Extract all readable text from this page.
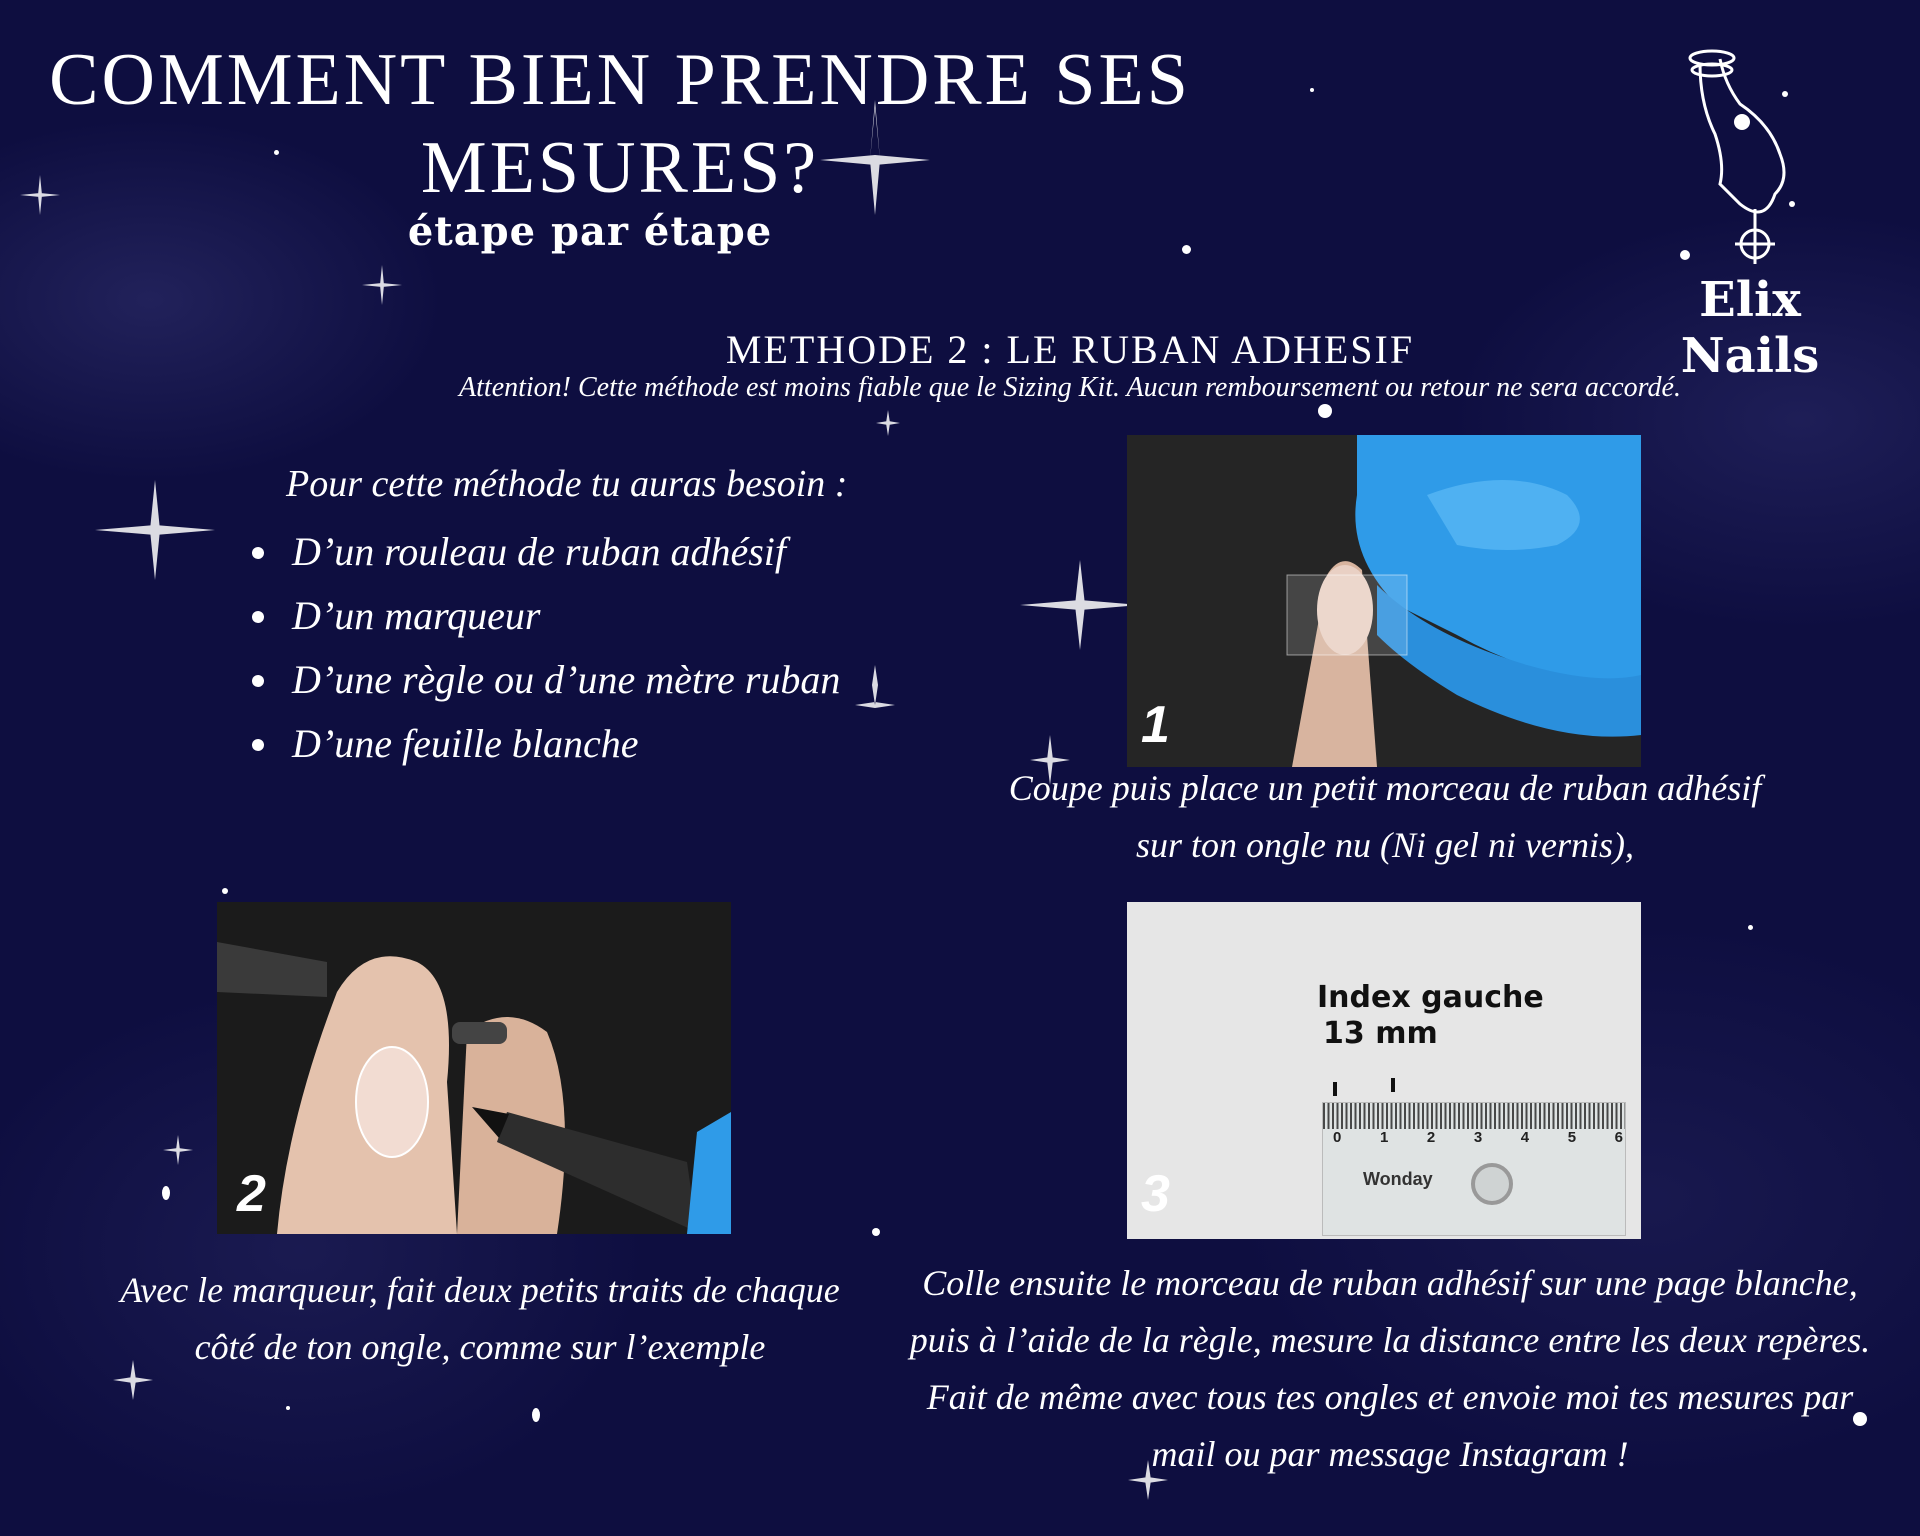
COMMENT BIEN PRENDRE SES
MESURES?
étape par étape
Elix Nails
METHODE 2 : LE RUBAN ADHESIF
Attention! Cette méthode est moins fiable que le Sizing Kit. Aucun remboursement ou retour ne sera accordé.
Pour cette méthode tu auras besoin :
D’un rouleau de ruban adhésif
D’un marqueur
D’une règle ou d’une mètre ruban
D’une feuille blanche	1
Coupe puis place un petit morceau de ruban adhésif
sur ton ongle nu (Ni gel ni vernis),
2
Avec le marqueur, fait deux petits traits de chaque
côté de ton ongle, comme sur l’exemple
Index gauche
13 mm
0	1	2	3	4	5	6
Wonday
3
Colle ensuite le morceau de ruban adhésif sur une page blanche,
puis à l’aide de la règle, mesure la distance entre les deux repères.
Fait de même avec tous tes ongles et envoie moi tes mesures par
mail ou par message Instagram !
